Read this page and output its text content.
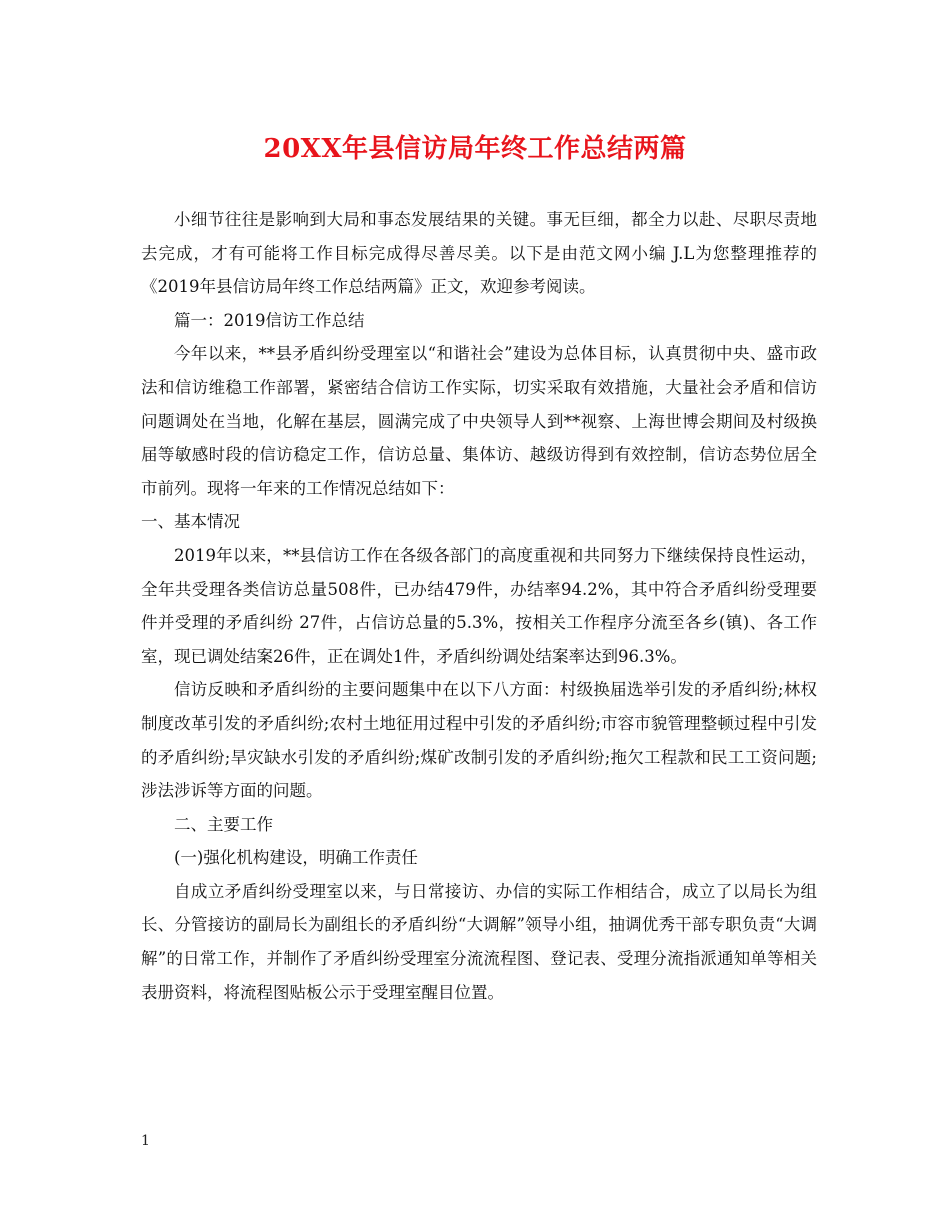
20XX年县信访局年终工作总结两篇

小细节往往是影响到大局和事态发展结果的关键。事无巨细，都全力以赴、尽职尽责地去完成，才有可能将工作目标完成得尽善尽美。以下是由范文网小编 J.L为您整理推荐的《2019年县信访局年终工作总结两篇》正文，欢迎参考阅读。

篇一：2019信访工作总结

今年以来，**县矛盾纠纷受理室以“和谐社会”建设为总体目标，认真贯彻中央、盛市政法和信访维稳工作部署，紧密结合信访工作实际，切实采取有效措施，大量社会矛盾和信访问题调处在当地，化解在基层，圆满完成了中央领导人到**视察、上海世博会期间及村级换届等敏感时段的信访稳定工作，信访总量、集体访、越级访得到有效控制，信访态势位居全市前列。现将一年来的工作情况总结如下：

一、基本情况

2019年以来，**县信访工作在各级各部门的高度重视和共同努力下继续保持良性运动，全年共受理各类信访总量508件，已办结479件，办结率94.2%，其中符合矛盾纠纷受理要件并受理的矛盾纠纷 27件，占信访总量的5.3%，按相关工作程序分流至各乡(镇)、各工作室，现已调处结案26件，正在调处1件，矛盾纠纷调处结案率达到96.3%。

信访反映和矛盾纠纷的主要问题集中在以下八方面：村级换届选举引发的矛盾纠纷;林权制度改革引发的矛盾纠纷;农村土地征用过程中引发的矛盾纠纷;市容市貌管理整顿过程中引发的矛盾纠纷;旱灾缺水引发的矛盾纠纷;煤矿改制引发的矛盾纠纷;拖欠工程款和民工工资问题;涉法涉诉等方面的问题。

二、主要工作

(一)强化机构建设，明确工作责任

自成立矛盾纠纷受理室以来，与日常接访、办信的实际工作相结合，成立了以局长为组长、分管接访的副局长为副组长的矛盾纠纷“大调解”领导小组，抽调优秀干部专职负责“大调解”的日常工作，并制作了矛盾纠纷受理室分流流程图、登记表、受理分流指派通知单等相关表册资料，将流程图贴板公示于受理室醒目位置。

1
